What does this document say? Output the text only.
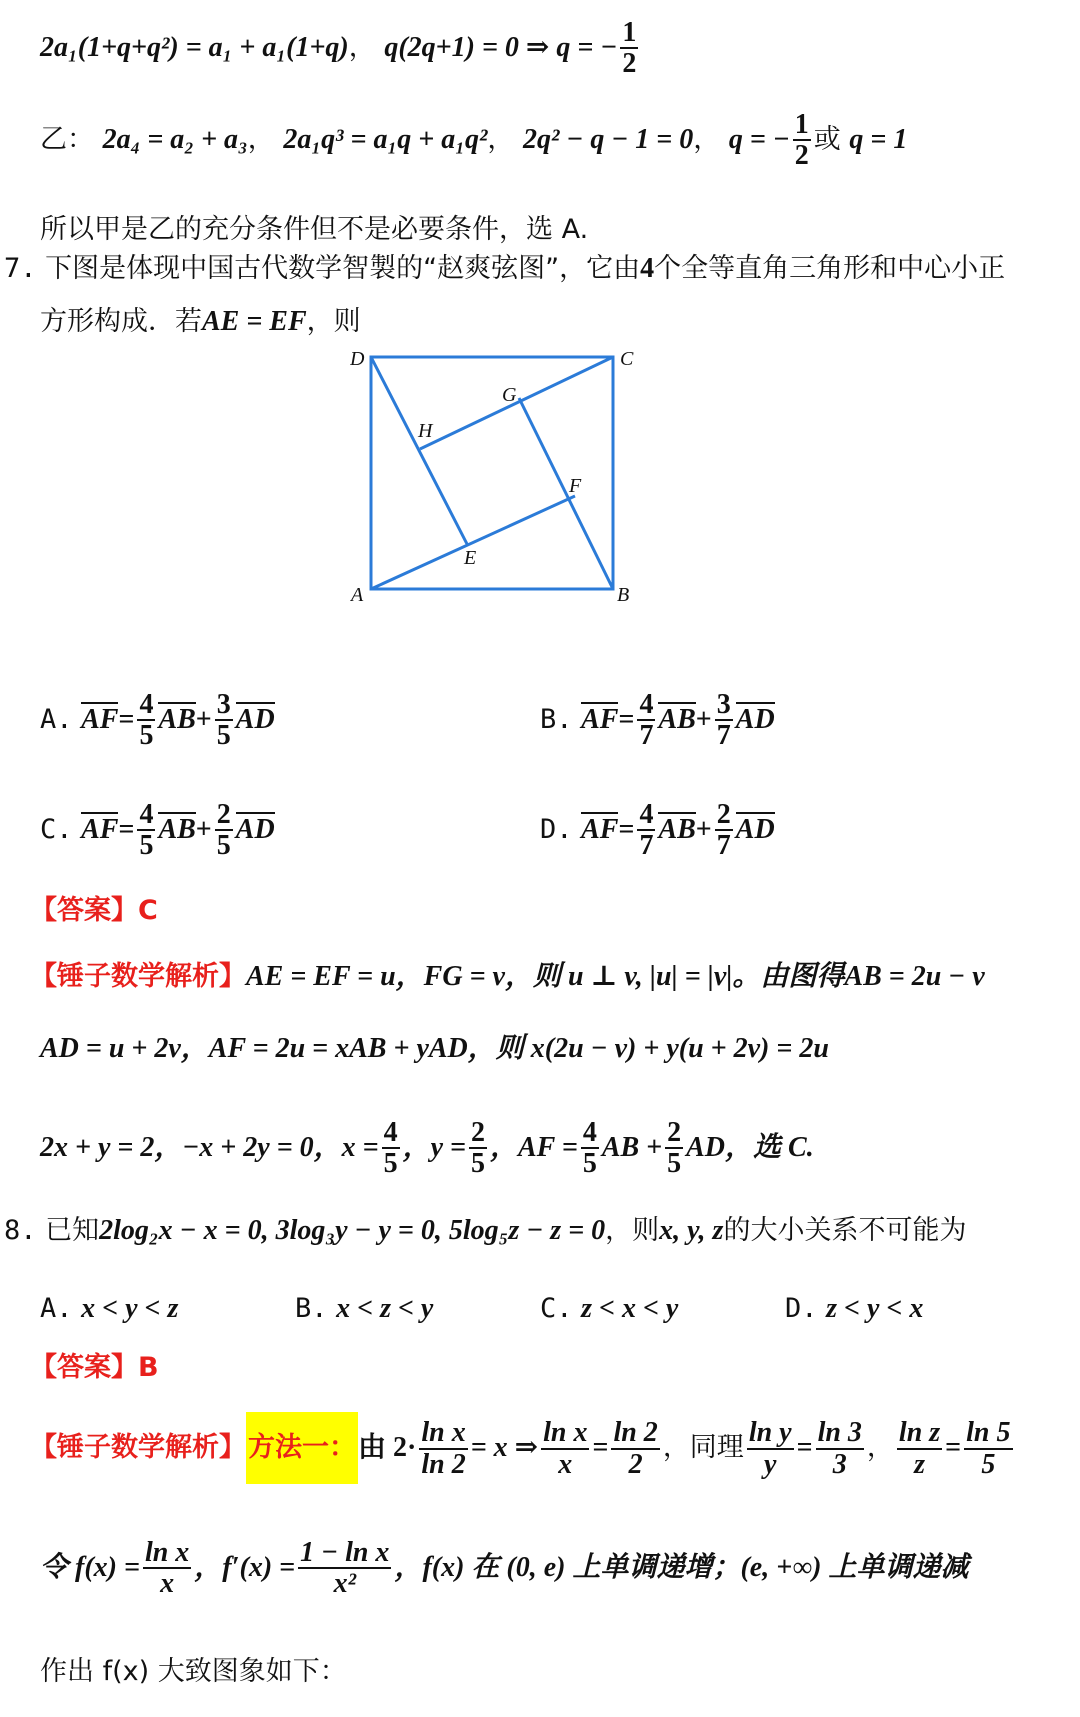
2a₁(1+q+q²) = a₁ + a₁(1+q)， q(2q+1) = 0 ⇒ q = − $\frac{1}{2}$
乙： 2a₄ = a₂ + a₃， 2a₁q³ = a₁q + a₁q²， 2q² − q − 1 = 0， q = − $\frac{1}{2}$ 或 q = 1
所以甲是乙的充分条件但不是必要条件，选 A.
7. 下图是体现中国古代数学智製的“赵爽弦图”，它由4个全等直角三角形和中心小正
方形构成．若AE = EF，则
D	C
G
H
F
E
A	B
A. $AF= \frac{4}{5} AB+ \frac{3}{5}$ AD	B. $AF= \frac{4}{7} AB+ \frac{3}{7}$ AD
C. $AF= \frac{4}{5} AB+ \frac{2}{5}$ AD	D. $AF= \frac{4}{7} AB+ \frac{2}{7}$ AD
【答案】C
【锤子数学解析】AE = EF = u，FG = v，则 u ⊥ v, |u| = |v|。由图得AB = 2u − v
AD = u + 2v，AF = 2u = xAB + yAD，则 x(2u − v) + y(u + 2v) = 2u
2x + y = 2，−x + 2y = 0，$x = \frac{4}{5}$ ，$y = \frac{2}{5}$ ，AF = $\frac{4}{5}$ AB + $\frac{2}{5}$ AD，选 C.
8. 已知2log₂x − x = 0, 3log₃y − y = 0, 5log₅z − z = 0，则x, y, z的大小关系不可能为
A. x < y < z	B. x < z < y	C. z < x < y	D. z < y < x
【答案】B
【锤子数学解析】方法一：由 $2\cdot \frac{\text{ln x}}{\ln 2} = x$ ⇒ $\frac{\text{ln x}}{x} = \frac{\ln 2}{2}$ ，同理 $\frac{\text{ln y}}{y} = \frac{\ln 3}{3}$ ， $\frac{\text{ln z}}{z} = \frac{\ln 5}{5}$
令 $f(x) = \frac{\text{ln x}}{x}$ ，$f'(x) = \frac{\text{1 − ln x}}{\text{x²}}$ ，f(x) 在 (0, e) 上单调递增；(e, +∞) 上单调递减
作出 f(x) 大致图象如下：
